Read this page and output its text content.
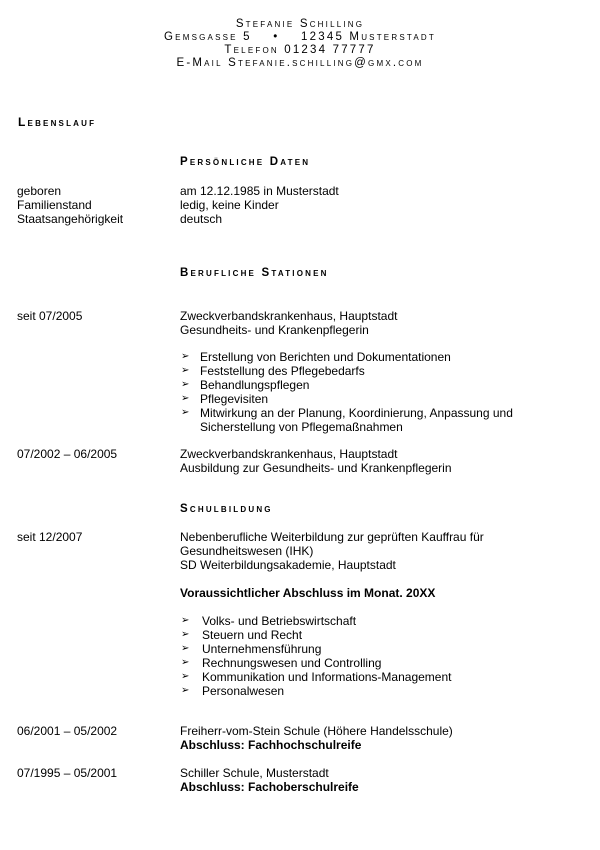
Stefanie Schilling
Gemsgasse 5    •    12345 Musterstadt
Telefon 01234 77777
E-Mail Stefanie.schilling@gmx.com
Lebenslauf
Persönliche Daten
geboren	am 12.12.1985 in Musterstadt
Familienstand	ledig, keine Kinder
Staatsangehörigkeit	deutsch
Berufliche Stationen
seit 07/2005	Zweckverbandskrankenhaus, Hauptstadt
Gesundheits- und Krankenpflegerin
➢ Erstellung von Berichten und Dokumentationen
➢ Feststellung des Pflegebedarfs
➢ Behandlungspflegen
➢ Pflegevisiten
➢ Mitwirkung an der Planung, Koordinierung, Anpassung und
Sicherstellung von Pflegemaßnahmen
07/2002 – 06/2005	Zweckverbandskrankenhaus, Hauptstadt
Ausbildung zur Gesundheits- und Krankenpflegerin
Schulbildung
seit 12/2007	Nebenberufliche Weiterbildung zur geprüften Kauffrau für
Gesundheitswesen (IHK)
SD Weiterbildungsakademie, Hauptstadt
Voraussichtlicher Abschluss im Monat. 20XX
➢ Volks- und Betriebswirtschaft
➢ Steuern und Recht
➢ Unternehmensführung
➢ Rechnungswesen und Controlling
➢ Kommunikation und Informations-Management
➢ Personalwesen
06/2001 – 05/2002	Freiherr-vom-Stein Schule (Höhere Handelsschule)
Abschluss: Fachhochschulreife
07/1995 – 05/2001	Schiller Schule, Musterstadt
Abschluss: Fachoberschulreife
